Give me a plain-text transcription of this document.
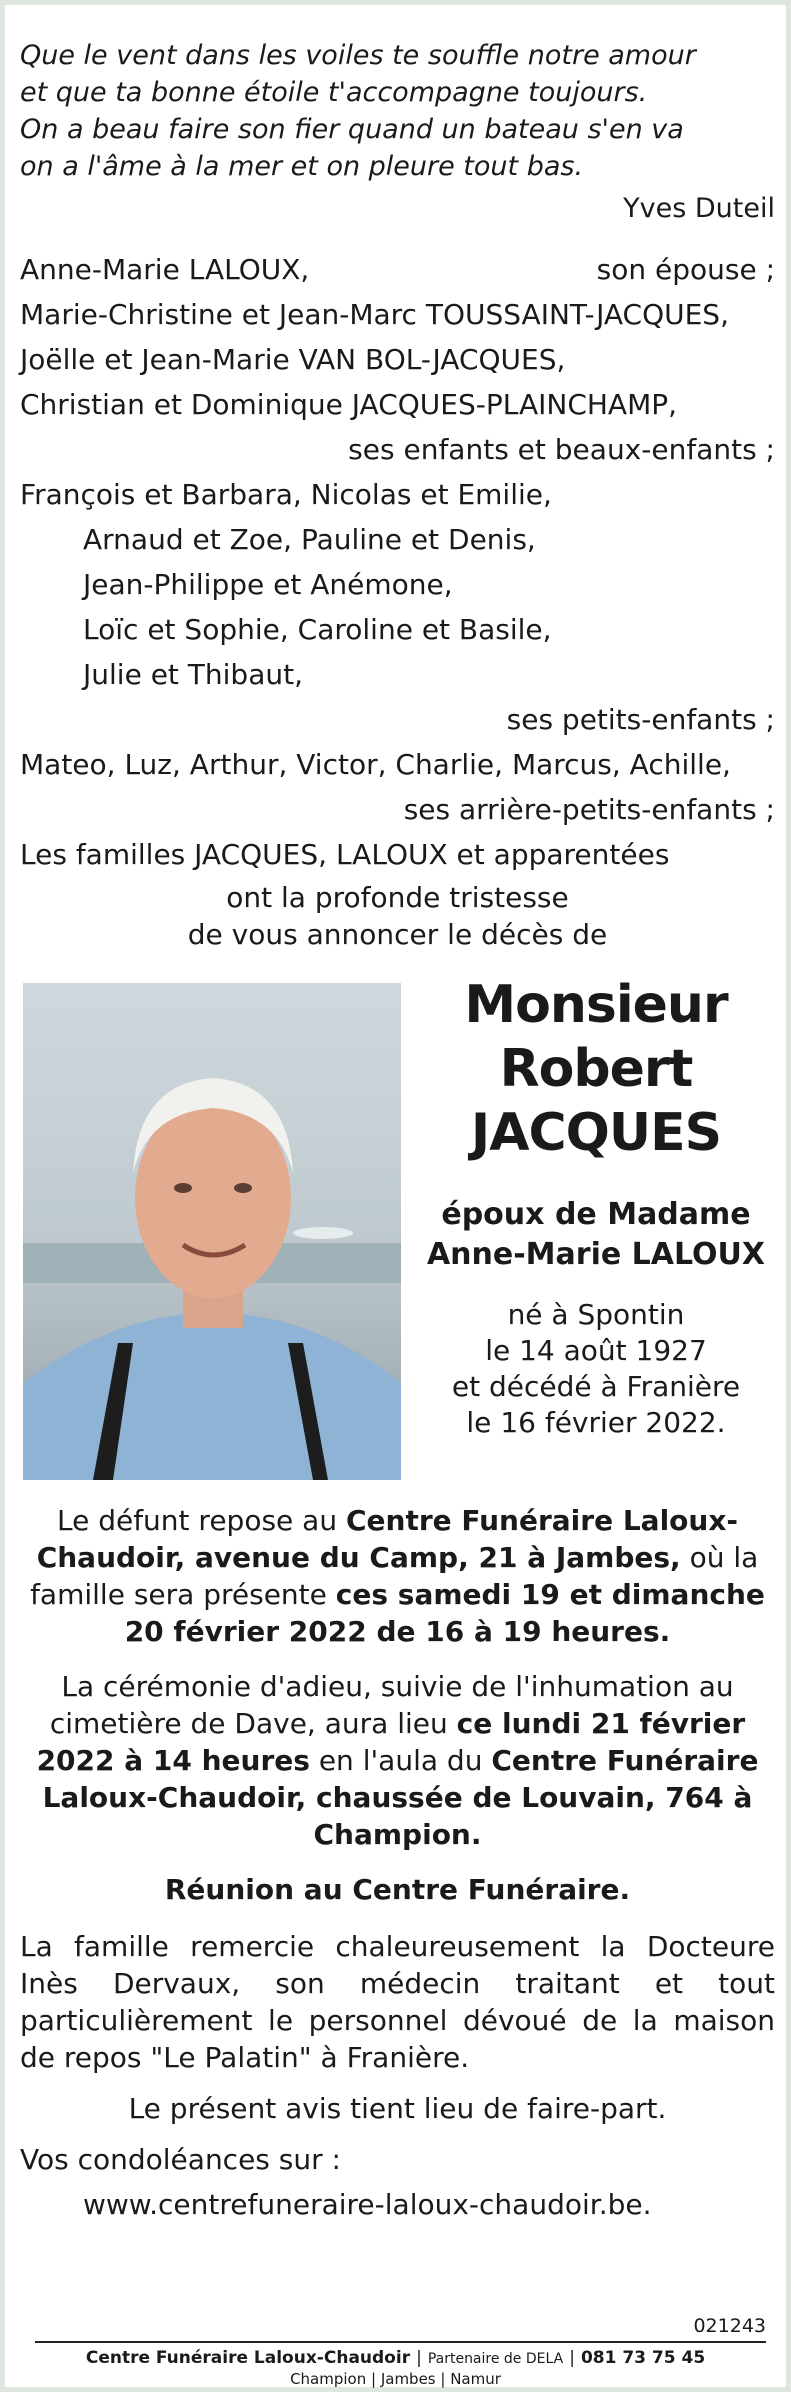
Que le vent dans les voiles te souffle notre amour
et que ta bonne étoile t'accompagne toujours.
On a beau faire son fier quand un bateau s'en va
on a l'âme à la mer et on pleure tout bas.
Yves Duteil
Anne-Marie LALOUX,	son épouse ;
Marie-Christine et Jean-Marc TOUSSAINT-JACQUES,
Joëlle et Jean-Marie VAN BOL-JACQUES,
Christian et Dominique JACQUES-PLAINCHAMP,
ses enfants et beaux-enfants ;
François et Barbara, Nicolas et Emilie,
Arnaud et Zoe, Pauline et Denis,
Jean-Philippe et Anémone,
Loïc et Sophie, Caroline et Basile,
Julie et Thibaut,
ses petits-enfants ;
Mateo, Luz, Arthur, Victor, Charlie, Marcus, Achille,
ses arrière-petits-enfants ;
Les familles JACQUES, LALOUX et apparentées
ont la profonde tristesse
de vous annoncer le décès de
Monsieur
Robert
JACQUES
époux de Madame
Anne-Marie LALOUX
né à Spontin
le 14 août 1927
et décédé à Franière
le 16 février 2022.
Le défunt repose au Centre Funéraire Laloux-Chaudoir, avenue du Camp, 21 à Jambes, où la famille sera présente ces samedi 19 et dimanche 20 février 2022 de 16 à 19 heures.
La cérémonie d'adieu, suivie de l'inhumation au cimetière de Dave, aura lieu ce lundi 21 février 2022 à 14 heures en l'aula du Centre Funéraire Laloux-Chaudoir, chaussée de Louvain, 764 à Champion.
Réunion au Centre Funéraire.
La famille remercie chaleureusement la Docteure Inès Dervaux, son médecin traitant et tout particulièrement le personnel dévoué de la maison de repos "Le Palatin" à Franière.
Le présent avis tient lieu de faire-part.
Vos condoléances sur :
www.centrefuneraire-laloux-chaudoir.be.
021243
Centre Funéraire Laloux-Chaudoir | Partenaire de DELA | 081 73 75 45
Champion | Jambes | Namur
